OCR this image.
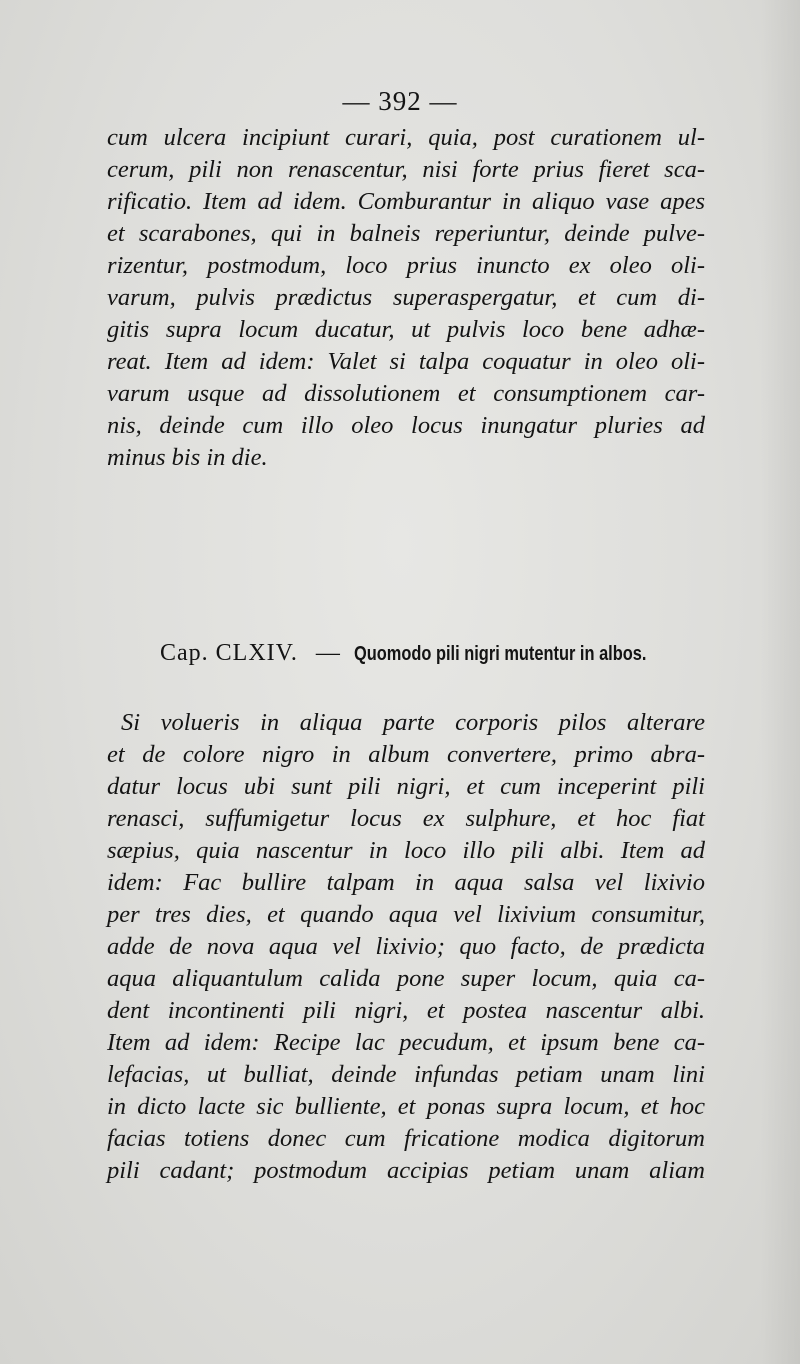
— 392 —
cum ulcera incipiunt curari, quia, post curationem ul-
cerum, pili non renascentur, nisi forte prius fieret sca-
rificatio. Item ad idem. Comburantur in aliquo vase apes
et scarabones, qui in balneis reperiuntur, deinde pulve-
rizentur, postmodum, loco prius inuncto ex oleo oli-
varum, pulvis prædictus superaspergatur, et cum di-
gitis supra locum ducatur, ut pulvis loco bene adhæ-
reat. Item ad idem: Valet si talpa coquatur in oleo oli-
varum usque ad dissolutionem et consumptionem car-
nis, deinde cum illo oleo locus inungatur pluries ad
minus bis in die.
Cap. CLXIV. — Quomodo pili nigri mutentur in albos.
Si volueris in aliqua parte corporis pilos alterare
et de colore nigro in album convertere, primo abra-
datur locus ubi sunt pili nigri, et cum inceperint pili
renasci, suffumigetur locus ex sulphure, et hoc fiat
sæpius, quia nascentur in loco illo pili albi. Item ad
idem: Fac bullire talpam in aqua salsa vel lixivio
per tres dies, et quando aqua vel lixivium consumitur,
adde de nova aqua vel lixivio; quo facto, de prædicta
aqua aliquantulum calida pone super locum, quia ca-
dent incontinenti pili nigri, et postea nascentur albi.
Item ad idem: Recipe lac pecudum, et ipsum bene ca-
lefacias, ut bulliat, deinde infundas petiam unam lini
in dicto lacte sic bulliente, et ponas supra locum, et hoc
facias totiens donec cum fricatione modica digitorum
pili cadant; postmodum accipias petiam unam aliam
